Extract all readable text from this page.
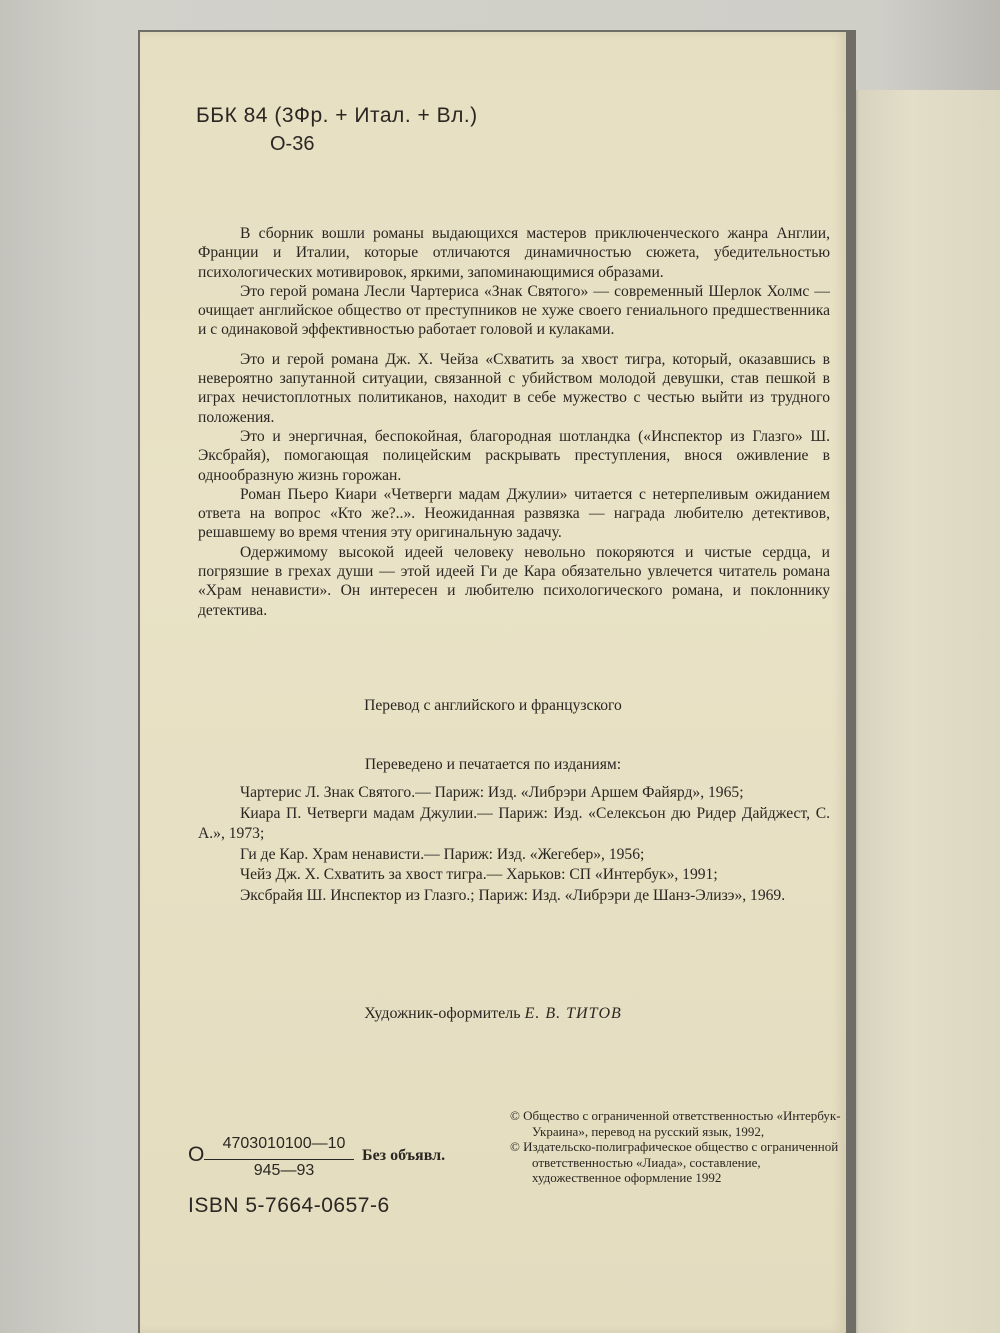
ББК 84 (3Фр. + Итал. + Вл.)
О-36

В сборник вошли романы выдающихся мастеров приключенческого жанра Англии, Франции и Италии, которые отличаются динамичностью сюжета, убедительностью психологических мотивировок, яркими, запоминающимися образами.

Это герой романа Лесли Чартериса «Знак Святого» — современный Шерлок Холмс — очищает английское общество от преступников не хуже своего гениального предшественника и с одинаковой эффективностью работает головой и кулаками.

Это и герой романа Дж. Х. Чейза «Схватить за хвост тигра, который, оказавшись в невероятно запутанной ситуации, связанной с убийством молодой девушки, став пешкой в играх нечистоплотных политиканов, находит в себе мужество с честью выйти из трудного положения.

Это и энергичная, беспокойная, благородная шотландка («Инспектор из Глазго» Ш. Эксбрайя), помогающая полицейским раскрывать преступления, внося оживление в однообразную жизнь горожан.

Роман Пьеро Киари «Четверги мадам Джулии» читается с нетерпеливым ожиданием ответа на вопрос «Кто же?..». Неожиданная развязка — награда любителю детективов, решавшему во время чтения эту оригинальную задачу.

Одержимому высокой идеей человеку невольно покоряются и чистые сердца, и погрязшие в грехах души — этой идеей Ги де Кара обязательно увлечется читатель романа «Храм ненависти». Он интересен и любителю психологического романа, и поклоннику детектива.

Перевод с английского и французского
Переведено и печатается по изданиям:

Чартерис Л. Знак Святого.— Париж: Изд. «Либрэри Аршем Файярд», 1965;

Киара П. Четверги мадам Джулии.— Париж: Изд. «Селексьон дю Ридер Дайджест, С. А.», 1973;

Ги де Кар. Храм ненависти.— Париж: Изд. «Жегебер», 1956;

Чейз Дж. Х. Схватить за хвост тигра.— Харьков: СП «Интербук», 1991;

Эксбрайя Ш. Инспектор из Глазго.; Париж: Изд. «Либрэри де Шанз-Элизэ», 1969.

Художник-оформитель Е. В. ТИТОВ
О	4703010100—10
945—93
Без объявл.
ISBN 5-7664-0657-6

© Общество с ограниченной ответственностью «Интербук-Украина», перевод на русский язык, 1992,

© Издательско-полиграфическое общество с ограниченной ответственностью «Лиада», составление, художественное оформление 1992
